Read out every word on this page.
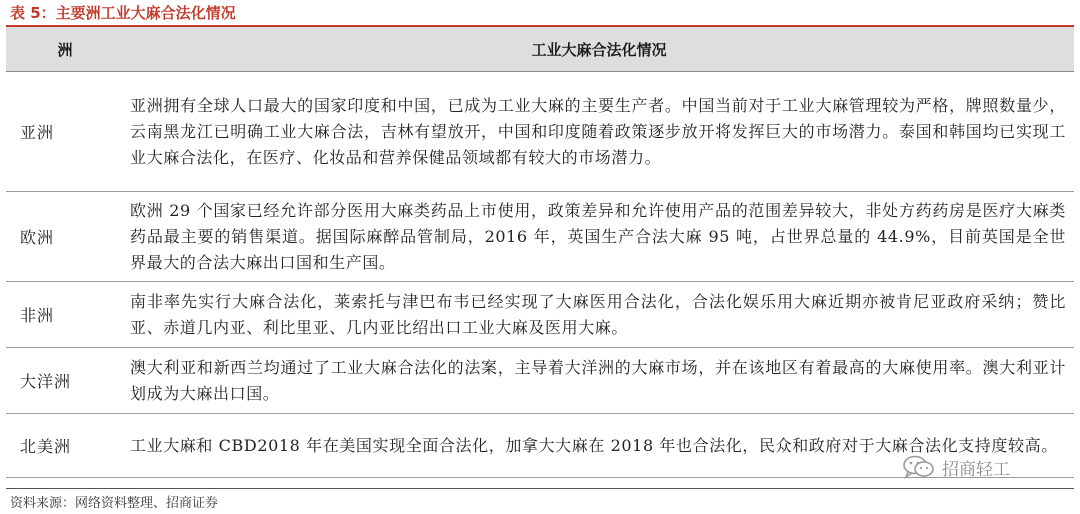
表 5：主要洲工业大麻合法化情况
洲	工业大麻合法化情况
亚洲	亚洲拥有全球人口最大的国家印度和中国，已成为工业大麻的主要生产者。中国当前对于工业大麻管理较为严格，牌照数量少，云南黑龙江已明确工业大麻合法，吉林有望放开，中国和印度随着政策逐步放开将发挥巨大的市场潜力。泰国和韩国均已实现工业大麻合法化，在医疗、化妆品和营养保健品领域都有较大的市场潜力。
欧洲	欧洲 29 个国家已经允许部分医用大麻类药品上市使用，政策差异和允许使用产品的范围差异较大，非处方药药房是医疗大麻类药品最主要的销售渠道。据国际麻醉品管制局，2016 年，英国生产合法大麻 95 吨，占世界总量的 44.9%，目前英国是全世界最大的合法大麻出口国和生产国。
非洲	南非率先实行大麻合法化，莱索托与津巴布韦已经实现了大麻医用合法化，合法化娱乐用大麻近期亦被肯尼亚政府采纳；赞比亚、赤道几内亚、利比里亚、几内亚比绍出口工业大麻及医用大麻。
大洋洲	澳大利亚和新西兰均通过了工业大麻合法化的法案，主导着大洋洲的大麻市场，并在该地区有着最高的大麻使用率。澳大利亚计划成为大麻出口国。
北美洲	工业大麻和 CBD2018 年在美国实现全面合法化，加拿大大麻在 2018 年也合法化，民众和政府对于大麻合法化支持度较高。
招商轻工
资料来源：网络资料整理、招商证券
